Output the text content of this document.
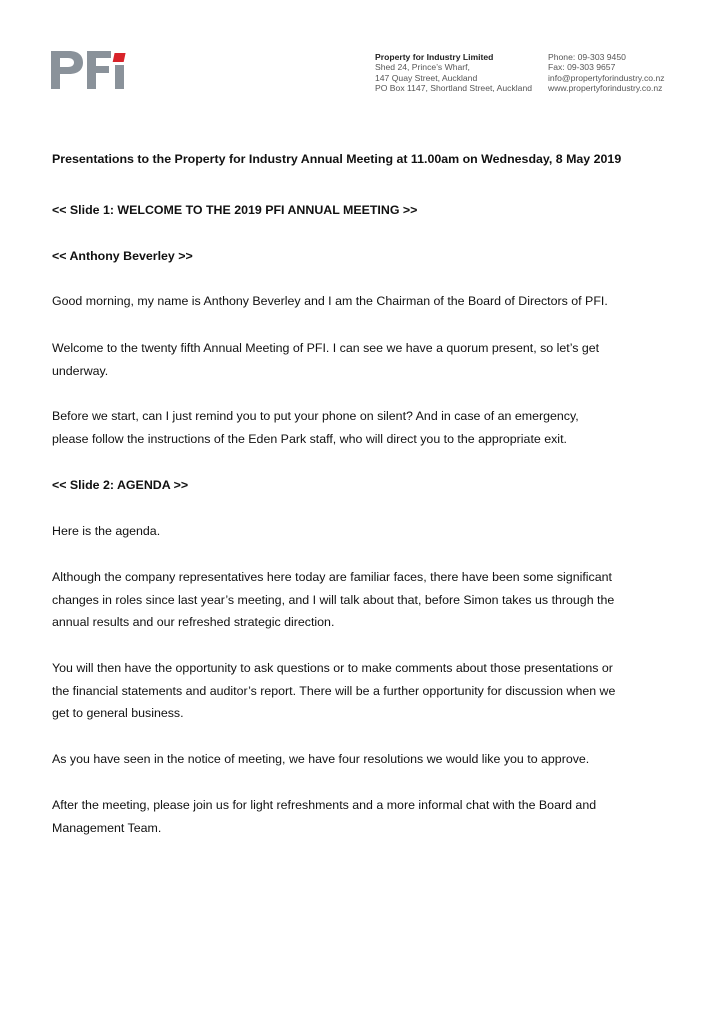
Property for Industry Limited
Shed 24, Prince’s Wharf,
147 Quay Street, Auckland
PO Box 1147, Shortland Street, Auckland
Phone: 09-303 9450
Fax: 09-303 9657
info@propertyforindustry.co.nz
www.propertyforindustry.co.nz
Presentations to the Property for Industry Annual Meeting at 11.00am on Wednesday, 8 May 2019
<< Slide 1: WELCOME TO THE 2019 PFI ANNUAL MEETING >>
<< Anthony Beverley >>
Good morning, my name is Anthony Beverley and I am the Chairman of the Board of Directors of PFI.
Welcome to the twenty fifth Annual Meeting of PFI. I can see we have a quorum present, so let’s get
underway.
Before we start, can I just remind you to put your phone on silent? And in case of an emergency,
please follow the instructions of the Eden Park staff, who will direct you to the appropriate exit.
<< Slide 2: AGENDA >>
Here is the agenda.
Although the company representatives here today are familiar faces, there have been some significant
changes in roles since last year’s meeting, and I will talk about that, before Simon takes us through the
annual results and our refreshed strategic direction.
You will then have the opportunity to ask questions or to make comments about those presentations or
the financial statements and auditor’s report. There will be a further opportunity for discussion when we
get to general business.
As you have seen in the notice of meeting, we have four resolutions we would like you to approve.
After the meeting, please join us for light refreshments and a more informal chat with the Board and
Management Team.
